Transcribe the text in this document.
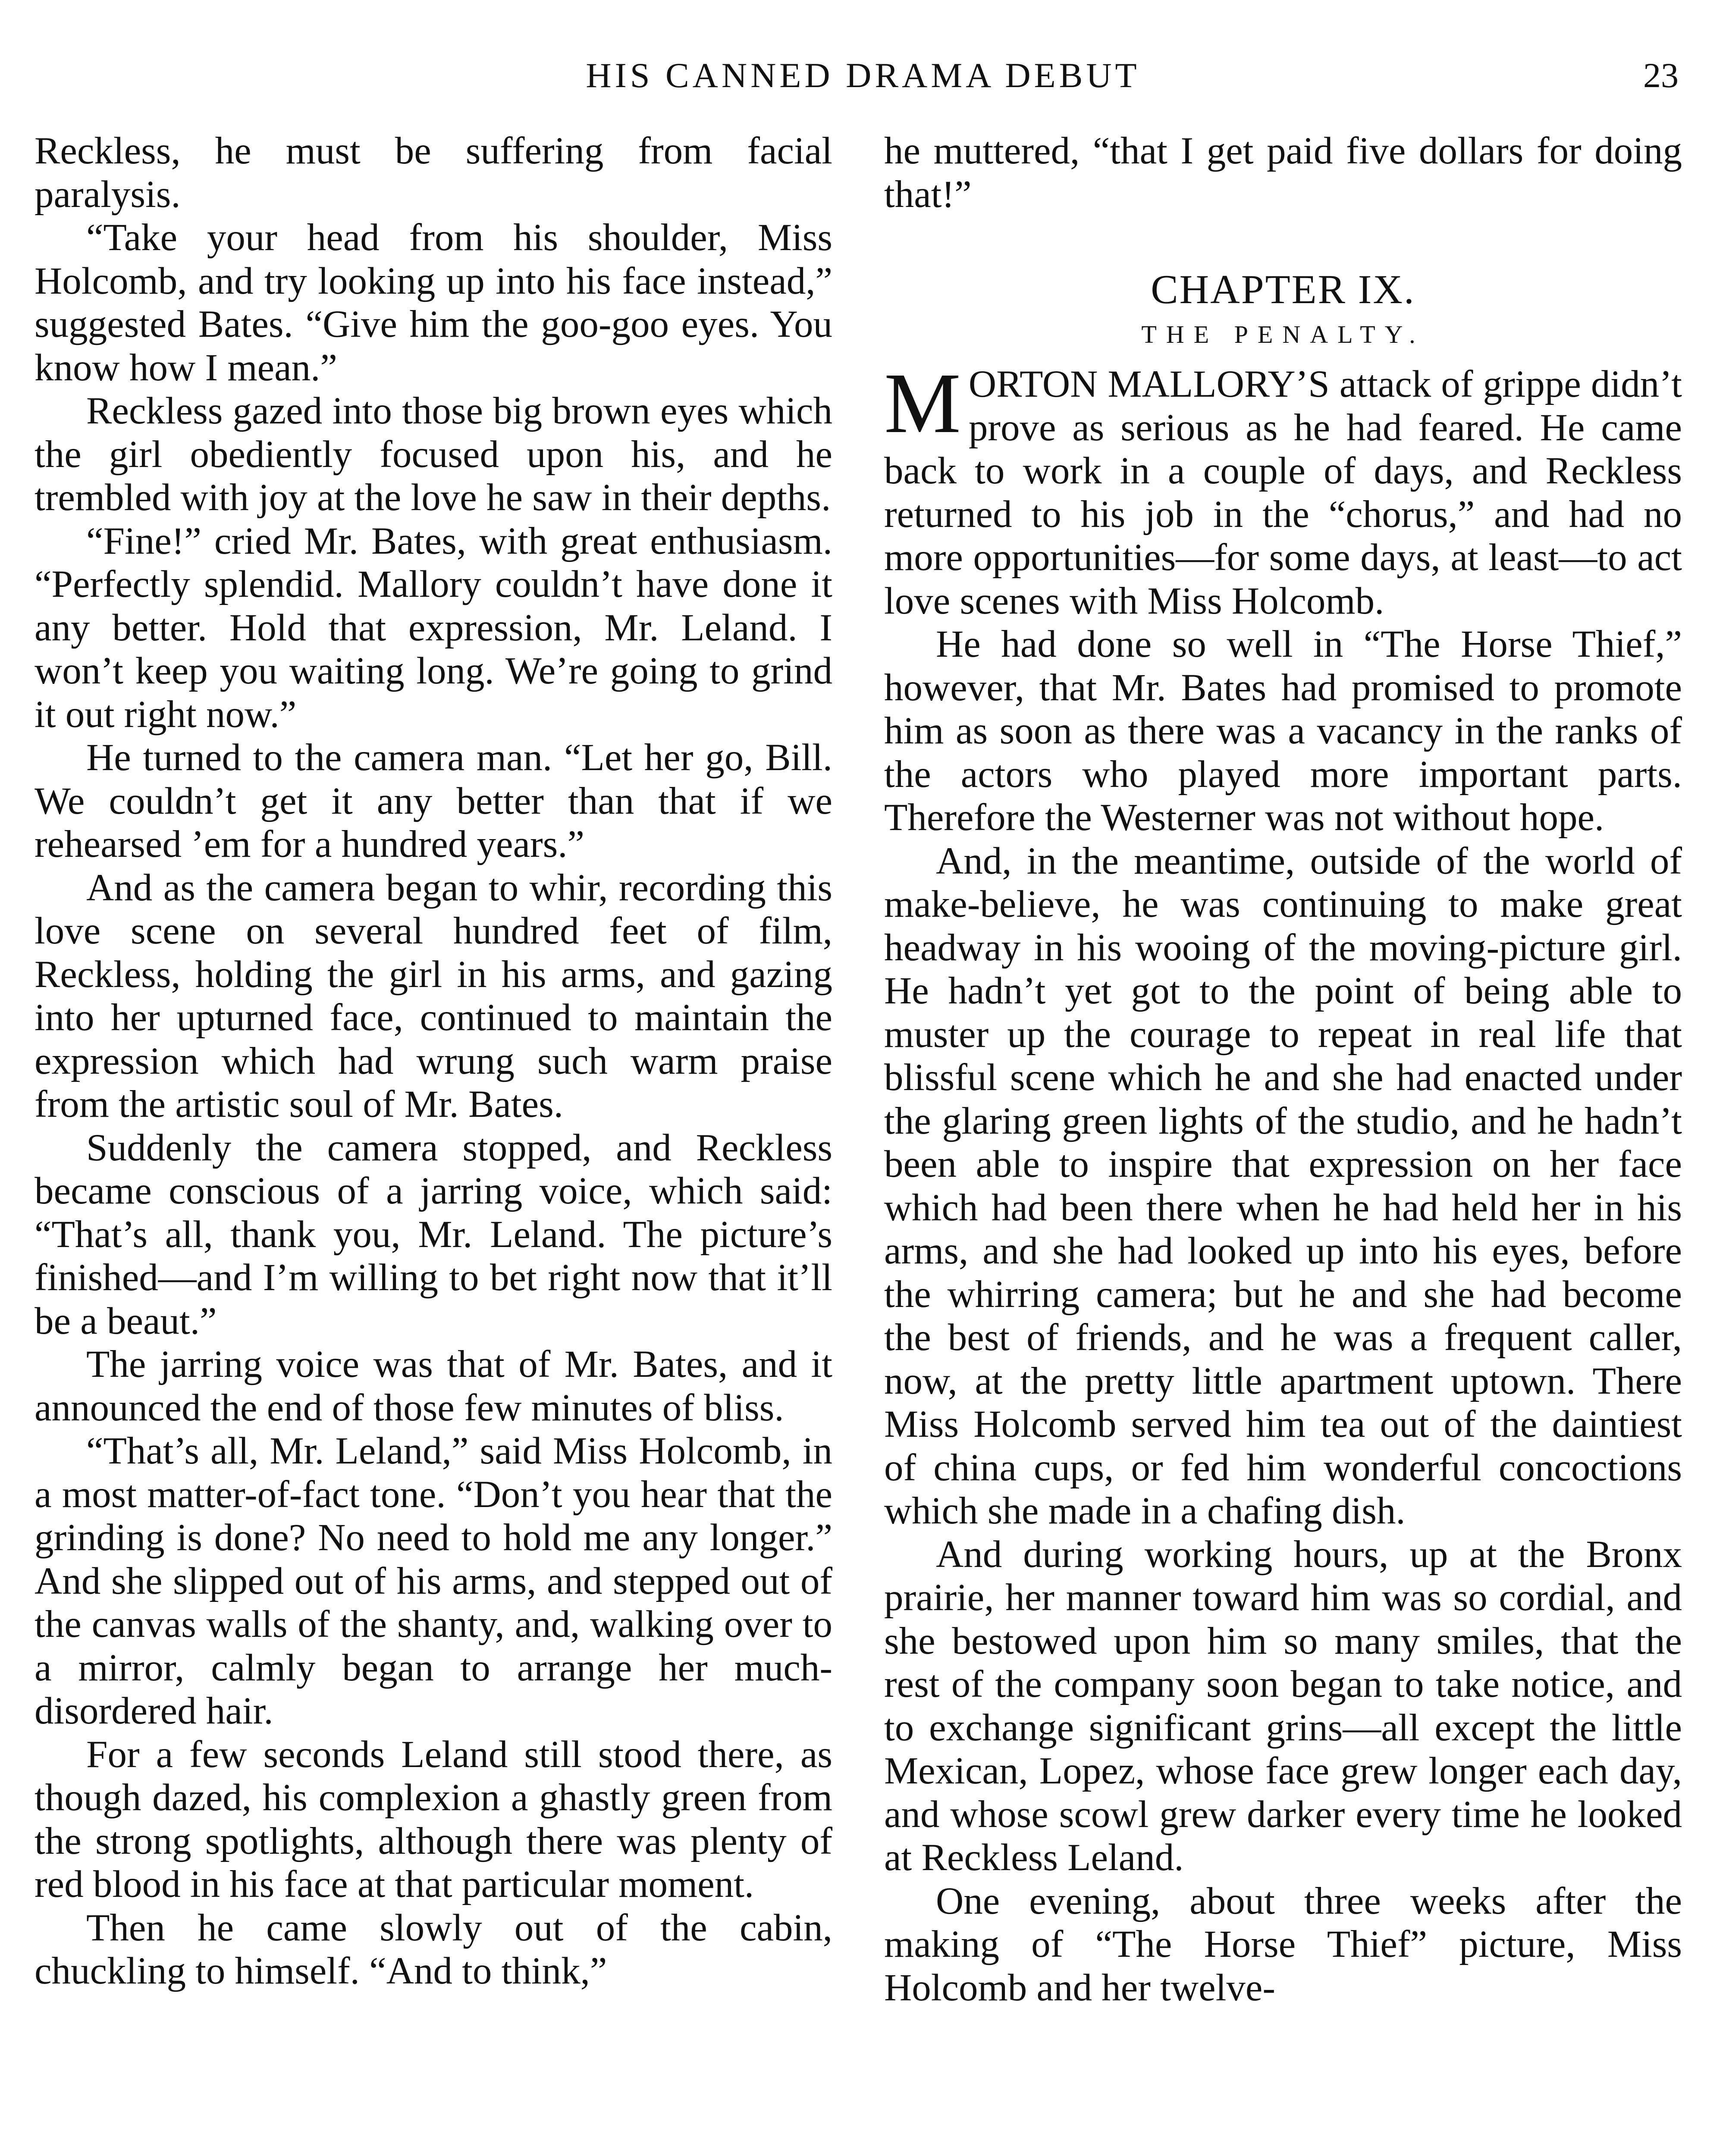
HIS CANNED DRAMA DEBUT	23

Reckless, he must be suffering from facial paralysis.

“Take your head from his shoulder, Miss Holcomb, and try looking up into his face instead,” suggested Bates. “Give him the goo-goo eyes. You know how I mean.”

Reckless gazed into those big brown eyes which the girl obediently focused upon his, and he trembled with joy at the love he saw in their depths.

“Fine!” cried Mr. Bates, with great enthusiasm. “Perfectly splendid. Mallory couldn’t have done it any better. Hold that expression, Mr. Leland. I won’t keep you waiting long. We’re going to grind it out right now.”

He turned to the camera man. “Let her go, Bill. We couldn’t get it any better than that if we rehearsed ’em for a hundred years.”

And as the camera began to whir, recording this love scene on several hundred feet of film, Reckless, holding the girl in his arms, and gazing into her upturned face, continued to maintain the expression which had wrung such warm praise from the artistic soul of Mr. Bates.

Suddenly the camera stopped, and Reckless became conscious of a jarring voice, which said: “That’s all, thank you, Mr. Leland. The picture’s finished—and I’m willing to bet right now that it’ll be a beaut.”

The jarring voice was that of Mr. Bates, and it announced the end of those few minutes of bliss.

“That’s all, Mr. Leland,” said Miss Holcomb, in a most matter-of-fact tone. “Don’t you hear that the grinding is done? No need to hold me any longer.” And she slipped out of his arms, and stepped out of the canvas walls of the shanty, and, walking over to a mirror, calmly began to arrange her much-disordered hair.

For a few seconds Leland still stood there, as though dazed, his complexion a ghastly green from the strong spotlights, although there was plenty of red blood in his face at that particular moment.

Then he came slowly out of the cabin, chuckling to himself. “And to think,”

he muttered, “that I get paid five dollars for doing that!”

CHAPTER IX.
THE PENALTY.

MORTON MALLORY’S attack of grippe didn’t prove as serious as he had feared. He came back to work in a couple of days, and Reckless returned to his job in the “chorus,” and had no more opportunities—for some days, at least—to act love scenes with Miss Holcomb.

He had done so well in “The Horse Thief,” however, that Mr. Bates had promised to promote him as soon as there was a vacancy in the ranks of the actors who played more important parts. Therefore the Westerner was not without hope.

And, in the meantime, outside of the world of make-believe, he was continuing to make great headway in his wooing of the moving-picture girl. He hadn’t yet got to the point of being able to muster up the courage to repeat in real life that blissful scene which he and she had enacted under the glaring green lights of the studio, and he hadn’t been able to inspire that expression on her face which had been there when he had held her in his arms, and she had looked up into his eyes, before the whirring camera; but he and she had become the best of friends, and he was a frequent caller, now, at the pretty little apartment uptown. There Miss Holcomb served him tea out of the daintiest of china cups, or fed him wonderful concoctions which she made in a chafing dish.

And during working hours, up at the Bronx prairie, her manner toward him was so cordial, and she bestowed upon him so many smiles, that the rest of the company soon began to take notice, and to exchange significant grins—all except the little Mexican, Lopez, whose face grew longer each day, and whose scowl grew darker every time he looked at Reckless Leland.

One evening, about three weeks after the making of “The Horse Thief” picture, Miss Holcomb and her twelve-
